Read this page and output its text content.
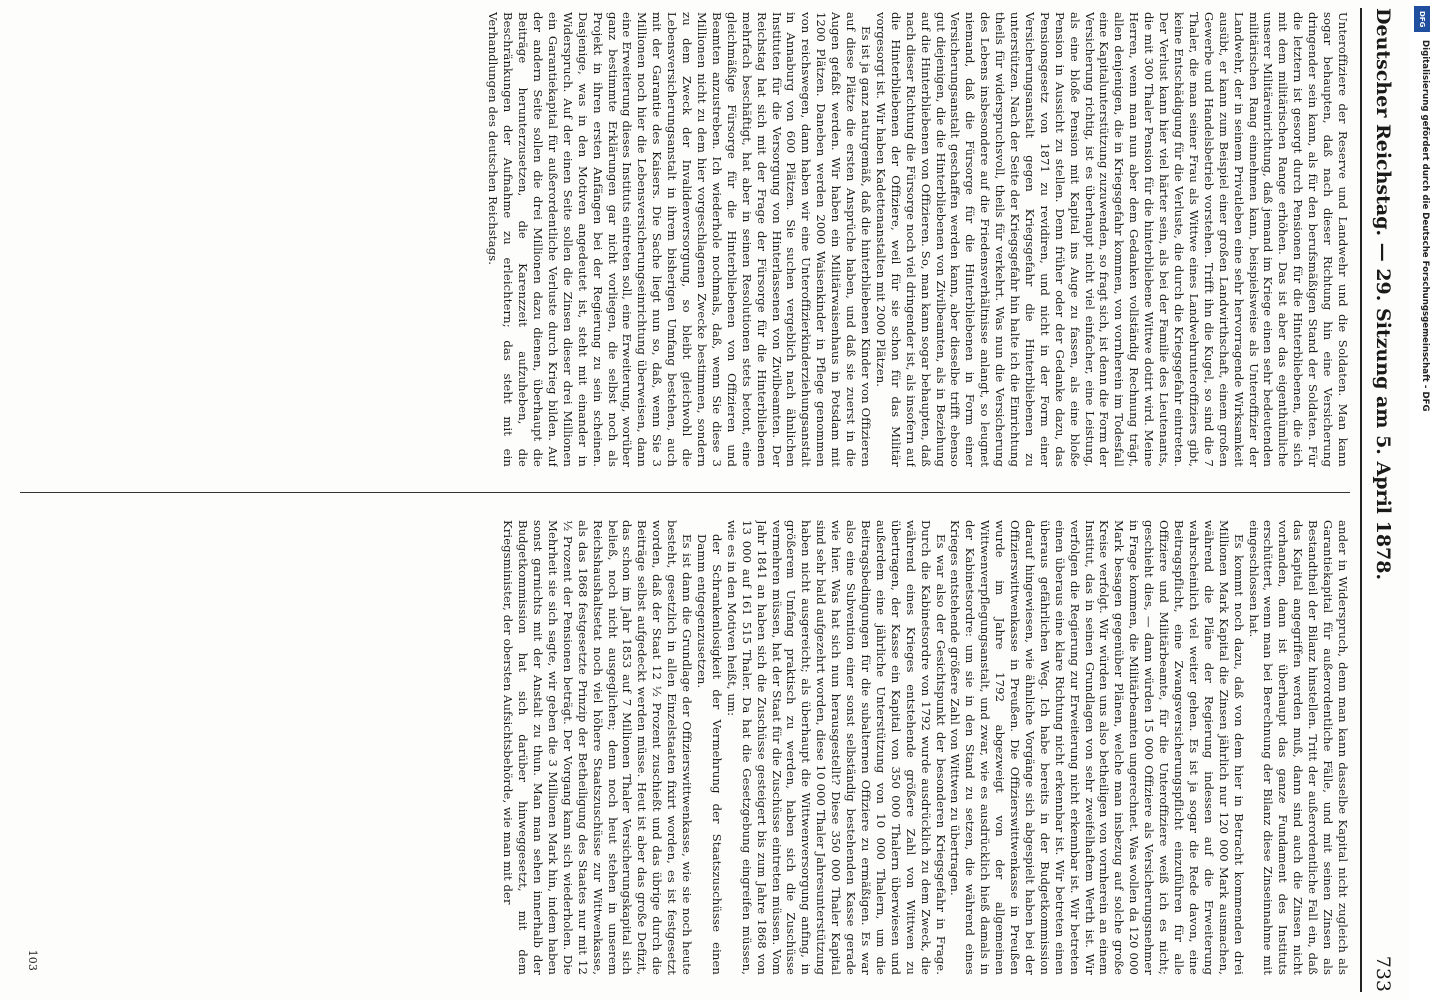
Deutscher Reichstag. — 29. Sitzung am 5. April 1878.
733

Unteroffiziere der Reserve und Landwehr und die Soldaten. Man kann sogar behaupten, daß nach dieser Richtung hin eine Versicherung dringender sein kann, als für den berufsmäßigen Stand der Soldaten. Für die letztern ist gesorgt durch Pensionen für die Hinterbliebenen, die sich mit dem militärischen Range erhöhen. Das ist aber das eigenthümliche unserer Militäreinrichtung, daß jemand im Kriege einen sehr bedeutenden militärischen Rang einnehmen kann, beispielsweise als Unteroffizier der Landwehr, der in seinem Privatleben eine sehr hervorragende Wirksamkeit ausübt, er kann zum Beispiel einer großen Landwirthschaft, einem großen Gewerbe und Handelsbetrieb vorstehen. Trifft ihn die Kugel, so sind die 7 Thaler, die man seiner Frau als Wittwe eines Landwehrunteroffiziers gibt, keine Entschädigung für die Verluste, die durch die Kriegsgefahr eintreten. Der Verlust kann hier viel härter sein, als bei der Familie des Lieutenants, die mit 300 Thaler Pension für die hinterbliebene Wittwe dotirt wird. Meine Herren, wenn man nun aber dem Gedanken vollständig Rechnung trägt, allen denjenigen, die in Kriegsgefahr kommen, von vornherein im Todesfall eine Kapitalunterstützung zuzuwenden, so fragt sich, ist denn die Form der Versicherung richtig, ist es überhaupt nicht viel einfacher, eine Leistung, als eine bloße Pension mit Kapital ins Auge zu fassen, als eine bloße Pension in Aussicht zu stellen. Denn früher oder der Gedanke dazu, das Pensionsgesetz von 1871 zu revidiren, und nicht in der Form einer Versicherungsanstalt gegen Kriegsgefahr die Hinterbliebenen zu unterstützen. Nach der Seite der Kriegsgefahr hin halte ich die Einrichtung theils für widerspruchsvoll, theils für verkehrt. Was nun die Versicherung des Lebens insbesondere auf die Friedensverhältnisse anlangt, so leugnet niemand, daß die Fürsorge für die Hinterbliebenen in Form einer Versicherungsanstalt geschaffen werden kann, aber dieselbe trifft ebenso gut diejenigen, die die Hinterbliebenen von Zivilbeamten, als in Beziehung auf die Hinterbliebenen von Offizieren. So, man kann sogar behaupten, daß nach dieser Richtung die Fürsorge noch viel dringender ist, als insofern auf die Hinterbliebenen der Offiziere, weil für sie schon für das Militär vorgesorgt ist. Wir haben Kadettenanstalten mit 2000 Plätzen.

Es ist ja ganz naturgemäß, daß die hinterbliebenen Kinder von Offizieren auf diese Plätze die ersten Ansprüche haben, und daß sie zuerst in die Augen gefaßt werden. Wir haben ein Militärwaisenhaus in Potsdam mit 1200 Plätzen. Daneben werden 2000 Waisenkinder in Pflege genommen von reichswegen, dann haben wir eine Unteroffizierkinderziehungsanstalt in Annaburg von 600 Plätzen. Sie suchen vergeblich nach ähnlichen Instituten für die Versorgung von Hinterlassenen von Zivilbeamten. Der Reichstag hat sich mit der Frage der Fürsorge für die Hinterbliebenen mehrfach beschäftigt, hat aber in seinen Resolutionen stets betont, eine gleichmäßige Fürsorge für die Hinterbliebenen von Offizieren und Beamten anzustreben. Ich wiederhole nochmals, daß, wenn Sie diese 3 Millionen nicht zu dem hier vorgeschlagenen Zwecke bestimmen, sondern zu dem Zweck der Invalidenversorgung, so bleibt gleichwohl die Lebensversicherungsanstalt in ihrem bisherigen Umfang bestehen, auch mit der Garantie des Kaisers. Die Sache liegt nun so, daß, wenn Sie 3 Millionen noch hier die Lebensversicherungseinrichtung überweisen, dann eine Erweiterung dieses Instituts eintreten soll, eine Erweiterung, worüber ganz bestimmte Erklärungen gar nicht vorliegen, die selbst noch als Projekt in ihren ersten Anfängen bei der Regierung zu sein scheinen. Dasjenige, was in den Motiven angedeutet ist, steht mit einander in Widerspruch. Auf der einen Seite sollen die Zinsen dieser drei Millionen ein Garantiekapital für außerordentliche Verluste durch Krieg bilden. Auf der andern Seite sollen die drei Millionen dazu dienen, überhaupt die Beiträge herunterzusetzen, die Karenzzeit aufzuheben, die Beschränkungen der Aufnahme zu erleichtern; das steht mit ein Verhandlungen des deutschen Reichstags.

ander in Widerspruch, denn man kann dasselbe Kapital nicht zugleich als Garantiekapital für außerordentliche Fälle, und mit seinen Zinsen als Bestandtheil der Bilanz hinstellen. Tritt der außerordentliche Fall ein, daß das Kapital angegriffen werden muß, dann sind auch die Zinsen nicht vorhanden, dann ist überhaupt das ganze Fundament des Instituts erschüttert, wenn man bei Berechnung der Bilanz diese Zinseinnahme mit eingeschlossen hat.

Es kommt noch dazu, daß von dem hier in Betracht kommenden drei Millionen Mark Kapital die Zinsen jährlich nur 120 000 Mark ausmachen, während die Pläne der Regierung indessen auf die Erweiterung wahrscheinlich viel weiter gehen. Es ist ja sogar die Rede davon, eine Beitragspflicht, eine Zwangsversicherungspflicht einzuführen für alle Offiziere und Militärbeamte, für die Unteroffiziere weiß ich es nicht; geschieht dies, — dann würden 15 000 Offiziere als Versicherungsnehmer in Frage kommen, die Militärbeamten ungerechnet. Was wollen da 120 000 Mark besagen gegenüber Plänen, welche man insbezug auf solche große Kreise verfolgt. Wir würden uns also betheiligen von vornherein an einem Institut, das in seinen Grundlagen von sehr zweifelhaftem Werth ist. Wir verfolgen die Regierung zur Erweiterung nicht erkennbar ist. Wir betreten einen überaus eine klare Richtung nicht erkennbar ist. Wir betreten einen überaus gefährlichen Weg. Ich habe bereits in der Budgetkommission darauf hingewiesen, wie ähnliche Vorgänge sich abgespielt haben bei der Offizierswittwenkasse in Preußen. Die Offizierswittwenkasse in Preußen wurde im Jahre 1792 abgezweigt von der allgemeinen Wittwenverpflegungsanstalt, und zwar, wie es ausdrücklich hieß damals in der Kabinetsordre: um sie in den Stand zu setzen, die während eines Krieges entstehende größere Zahl von Wittwen zu übertragen.

Es war also der Gesichtspunkt der besonderen Kriegsgefahr in Frage. Durch die Kabinetsordre von 1792 wurde ausdrücklich zu dem Zweck, die während eines Krieges entstehende größere Zahl von Wittwen zu übertragen, der Kasse ein Kapital von 350 000 Thalern überwiesen und außerdem eine jährliche Unterstützung von 10 000 Thalern, um die Beitragsbedingungen für die subalternen Offiziere zu ermäßigen. Es war also eine Subvention einer sonst selbständig bestehenden Kasse gerade wie hier. Was hat sich nun herausgestellt? Diese 350 000 Thaler Kapital sind sehr bald aufgezehrt worden, diese 10 000 Thaler Jahresunterstützung haben nicht ausgereicht; als überhaupt die Wittwenversorgung anfing, in größerem Umfang praktisch zu werden, haben sich die Zuschüsse vermehren müssen, hat der Staat für die Zuschüsse eintreten müssen. Vom Jahr 1841 an haben sich die Zuschüsse gesteigert bis zum Jahre 1868 von 13 000 auf 161 515 Thaler. Da hat die Gesetzgebung eingreifen müssen, wie es in den Motiven heißt, um:

der Schrankenlosigkeit der Vermehrung der Staatszuschüsse einen Damm entgegenzusetzen.

Es ist dann die Grundlage der Offizierswittwenkasse, wie sie noch heute besteht, gesetzlich in allen Einzelstaaten fixirt worden, es ist festgesetzt worden, daß der Staat 12 ½ Prozent zuschießt und das übrige durch die Beiträge selbst aufgedeckt werden müsse. Heut ist aber das große Defizit, das schon im Jahr 1853 auf 7 Millionen Thaler Versicherungskapital sich beließ, noch nicht ausgeglichen; denn noch heut stehen in unserem Reichshaushaltsetat noch viel höhere Staatszuschüsse zur Wittwenkasse, als das 1868 festgesetzte Prinzip der Betheiligung des Staates nur mit 12 ½ Prozent der Pensionen beträgt. Der Vorgang kann sich wiederholen. Die Mehrheit sie sich sagte, wir geben die 3 Millionen Mark hin, indem haben sonst garnichts mit der Anstalt zu thun. Man man sehen innerhalb der Budgetkommission hat sich darüber hinweggesetzt, mit dem Kriegsminister, der obersten Aufsichtsbehörde, wie man mit der

103
DFG
Digitalisierung gefördert durch die Deutsche Forschungsgemeinschaft - DFG
